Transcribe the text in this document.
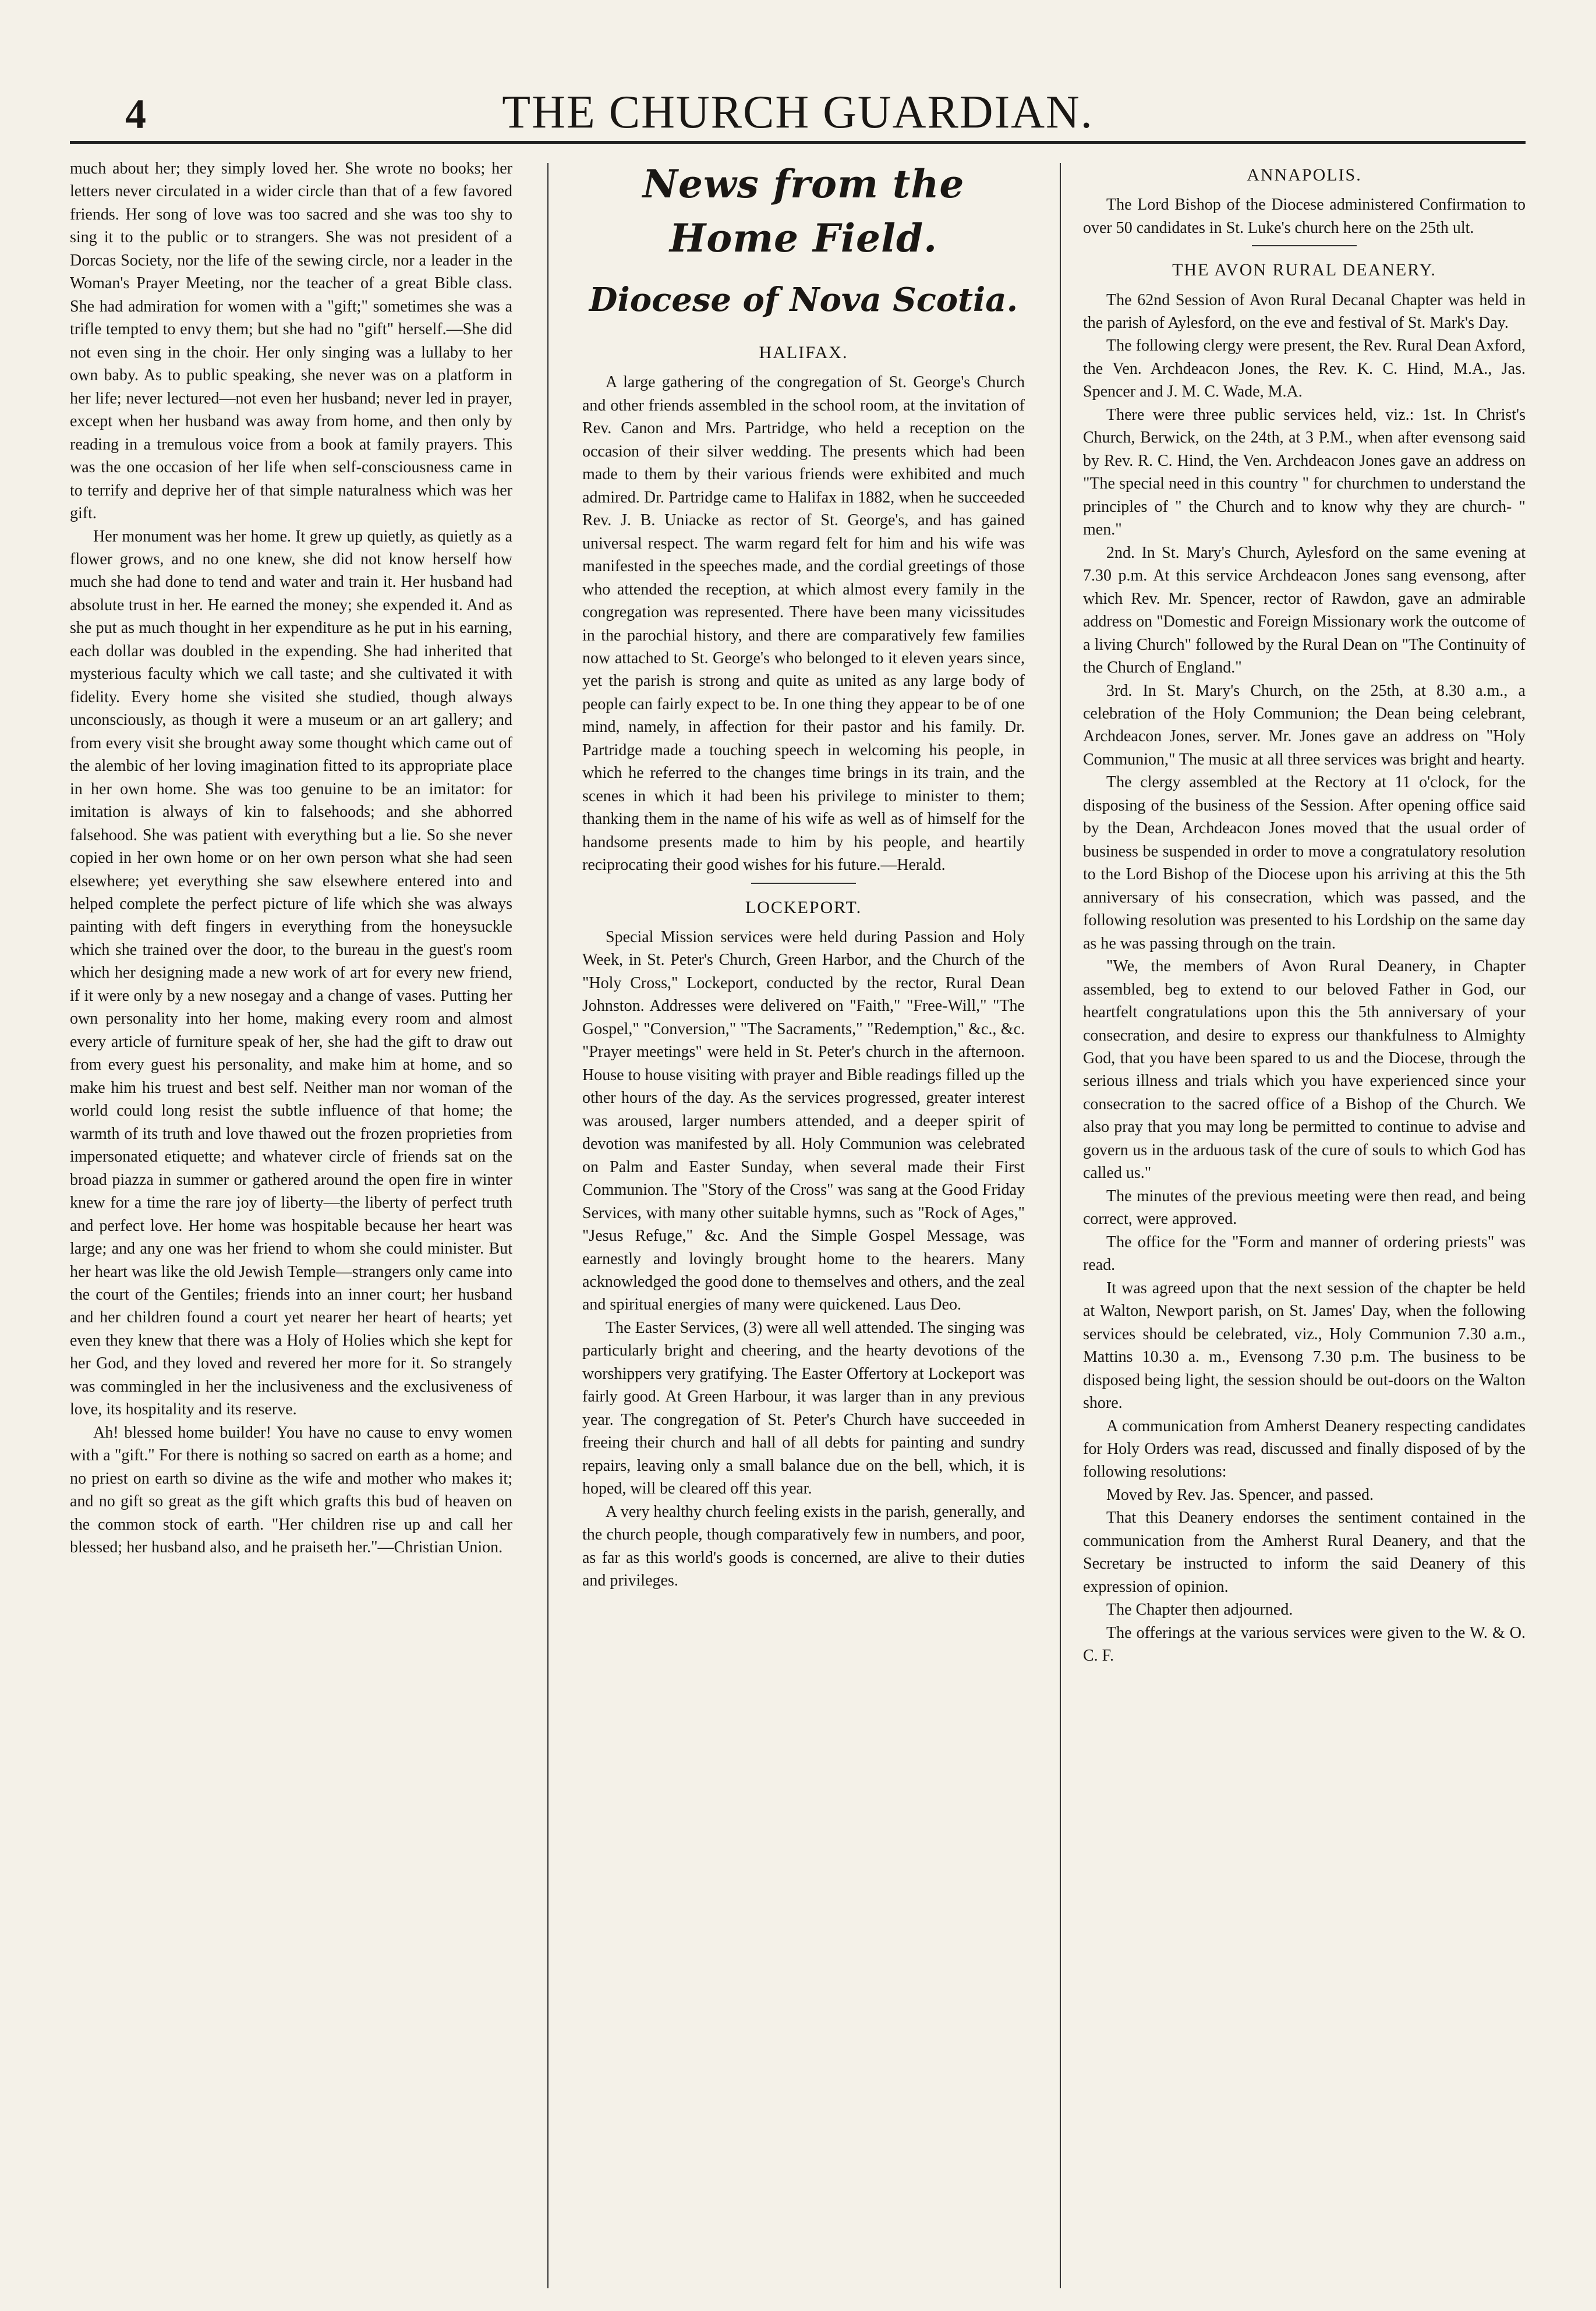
4	THE CHURCH GUARDIAN.

much about her; they simply loved her. She wrote no books; her letters never circulated in a wider circle than that of a few favored friends. Her song of love was too sacred and she was too shy to sing it to the public or to strangers. She was not president of a Dorcas Society, nor the life of the sewing circle, nor a leader in the Woman's Prayer Meeting, nor the teacher of a great Bible class. She had admiration for women with a "gift;" sometimes she was a trifle tempted to envy them; but she had no "gift" herself.—She did not even sing in the choir. Her only singing was a lullaby to her own baby. As to public speaking, she never was on a platform in her life; never lectured—not even her husband; never led in prayer, except when her husband was away from home, and then only by reading in a tremulous voice from a book at family prayers. This was the one occasion of her life when self-consciousness came in to terrify and deprive her of that simple naturalness which was her gift.

Her monument was her home. It grew up quietly, as quietly as a flower grows, and no one knew, she did not know herself how much she had done to tend and water and train it. Her husband had absolute trust in her. He earned the money; she expended it. And as she put as much thought in her expenditure as he put in his earning, each dollar was doubled in the expending. She had inherited that mysterious faculty which we call taste; and she cultivated it with fidelity. Every home she visited she studied, though always unconsciously, as though it were a museum or an art gallery; and from every visit she brought away some thought which came out of the alembic of her loving imagination fitted to its appropriate place in her own home. She was too genuine to be an imitator: for imitation is always of kin to falsehoods; and she abhorred falsehood. She was patient with everything but a lie. So she never copied in her own home or on her own person what she had seen elsewhere; yet everything she saw elsewhere entered into and helped complete the perfect picture of life which she was always painting with deft fingers in everything from the honeysuckle which she trained over the door, to the bureau in the guest's room which her designing made a new work of art for every new friend, if it were only by a new nosegay and a change of vases. Putting her own personality into her home, making every room and almost every article of furniture speak of her, she had the gift to draw out from every guest his personality, and make him at home, and so make him his truest and best self. Neither man nor woman of the world could long resist the subtle influence of that home; the warmth of its truth and love thawed out the frozen proprieties from impersonated etiquette; and whatever circle of friends sat on the broad piazza in summer or gathered around the open fire in winter knew for a time the rare joy of liberty—the liberty of perfect truth and perfect love. Her home was hospitable because her heart was large; and any one was her friend to whom she could minister. But her heart was like the old Jewish Temple—strangers only came into the court of the Gentiles; friends into an inner court; her husband and her children found a court yet nearer her heart of hearts; yet even they knew that there was a Holy of Holies which she kept for her God, and they loved and revered her more for it. So strangely was commingled in her the inclusiveness and the exclusiveness of love, its hospitality and its reserve.

Ah! blessed home builder! You have no cause to envy women with a "gift." For there is nothing so sacred on earth as a home; and no priest on earth so divine as the wife and mother who makes it; and no gift so great as the gift which grafts this bud of heaven on the common stock of earth. "Her children rise up and call her blessed; her husband also, and he praiseth her."—Christian Union.

News from the Home Field.
Diocese of Nova Scotia.
HALIFAX.

A large gathering of the congregation of St. George's Church and other friends assembled in the school room, at the invitation of Rev. Canon and Mrs. Partridge, who held a reception on the occasion of their silver wedding. The presents which had been made to them by their various friends were exhibited and much admired. Dr. Partridge came to Halifax in 1882, when he succeeded Rev. J. B. Uniacke as rector of St. George's, and has gained universal respect. The warm regard felt for him and his wife was manifested in the speeches made, and the cordial greetings of those who attended the reception, at which almost every family in the congregation was represented. There have been many vicissitudes in the parochial history, and there are comparatively few families now attached to St. George's who belonged to it eleven years since, yet the parish is strong and quite as united as any large body of people can fairly expect to be. In one thing they appear to be of one mind, namely, in affection for their pastor and his family. Dr. Partridge made a touching speech in welcoming his people, in which he referred to the changes time brings in its train, and the scenes in which it had been his privilege to minister to them; thanking them in the name of his wife as well as of himself for the handsome presents made to him by his people, and heartily reciprocating their good wishes for his future.—Herald.

LOCKEPORT.

Special Mission services were held during Passion and Holy Week, in St. Peter's Church, Green Harbor, and the Church of the "Holy Cross," Lockeport, conducted by the rector, Rural Dean Johnston. Addresses were delivered on "Faith," "Free-Will," "The Gospel," "Conversion," "The Sacraments," "Redemption," &c., &c. "Prayer meetings" were held in St. Peter's church in the afternoon. House to house visiting with prayer and Bible readings filled up the other hours of the day. As the services progressed, greater interest was aroused, larger numbers attended, and a deeper spirit of devotion was manifested by all. Holy Communion was celebrated on Palm and Easter Sunday, when several made their First Communion. The "Story of the Cross" was sang at the Good Friday Services, with many other suitable hymns, such as "Rock of Ages," "Jesus Refuge," &c. And the Simple Gospel Message, was earnestly and lovingly brought home to the hearers. Many acknowledged the good done to themselves and others, and the zeal and spiritual energies of many were quickened. Laus Deo.

The Easter Services, (3) were all well attended. The singing was particularly bright and cheering, and the hearty devotions of the worshippers very gratifying. The Easter Offertory at Lockeport was fairly good. At Green Harbour, it was larger than in any previous year. The congregation of St. Peter's Church have succeeded in freeing their church and hall of all debts for painting and sundry repairs, leaving only a small balance due on the bell, which, it is hoped, will be cleared off this year.

A very healthy church feeling exists in the parish, generally, and the church people, though comparatively few in numbers, and poor, as far as this world's goods is concerned, are alive to their duties and privileges.

ANNAPOLIS.

The Lord Bishop of the Diocese administered Confirmation to over 50 candidates in St. Luke's church here on the 25th ult.

THE AVON RURAL DEANERY.

The 62nd Session of Avon Rural Decanal Chapter was held in the parish of Aylesford, on the eve and festival of St. Mark's Day.

The following clergy were present, the Rev. Rural Dean Axford, the Ven. Archdeacon Jones, the Rev. K. C. Hind, M.A., Jas. Spencer and J. M. C. Wade, M.A.

There were three public services held, viz.: 1st. In Christ's Church, Berwick, on the 24th, at 3 P.M., when after evensong said by Rev. R. C. Hind, the Ven. Archdeacon Jones gave an address on "The special need in this country " for churchmen to understand the principles of " the Church and to know why they are church- " men."

2nd. In St. Mary's Church, Aylesford on the same evening at 7.30 p.m. At this service Archdeacon Jones sang evensong, after which Rev. Mr. Spencer, rector of Rawdon, gave an admirable address on "Domestic and Foreign Missionary work the outcome of a living Church" followed by the Rural Dean on "The Continuity of the Church of England."

3rd. In St. Mary's Church, on the 25th, at 8.30 a.m., a celebration of the Holy Communion; the Dean being celebrant, Archdeacon Jones, server. Mr. Jones gave an address on "Holy Communion," The music at all three services was bright and hearty.

The clergy assembled at the Rectory at 11 o'clock, for the disposing of the business of the Session. After opening office said by the Dean, Archdeacon Jones moved that the usual order of business be suspended in order to move a congratulatory resolution to the Lord Bishop of the Diocese upon his arriving at this the 5th anniversary of his consecration, which was passed, and the following resolution was presented to his Lordship on the same day as he was passing through on the train.

"We, the members of Avon Rural Deanery, in Chapter assembled, beg to extend to our beloved Father in God, our heartfelt congratulations upon this the 5th anniversary of your consecration, and desire to express our thankfulness to Almighty God, that you have been spared to us and the Diocese, through the serious illness and trials which you have experienced since your consecration to the sacred office of a Bishop of the Church. We also pray that you may long be permitted to continue to advise and govern us in the arduous task of the cure of souls to which God has called us."

The minutes of the previous meeting were then read, and being correct, were approved.

The office for the "Form and manner of ordering priests" was read.

It was agreed upon that the next session of the chapter be held at Walton, Newport parish, on St. James' Day, when the following services should be celebrated, viz., Holy Communion 7.30 a.m., Mattins 10.30 a. m., Evensong 7.30 p.m. The business to be disposed being light, the session should be out-doors on the Walton shore.

A communication from Amherst Deanery respecting candidates for Holy Orders was read, discussed and finally disposed of by the following resolutions:

Moved by Rev. Jas. Spencer, and passed.

That this Deanery endorses the sentiment contained in the communication from the Amherst Rural Deanery, and that the Secretary be instructed to inform the said Deanery of this expression of opinion.

The Chapter then adjourned.

The offerings at the various services were given to the W. & O. C. F.
